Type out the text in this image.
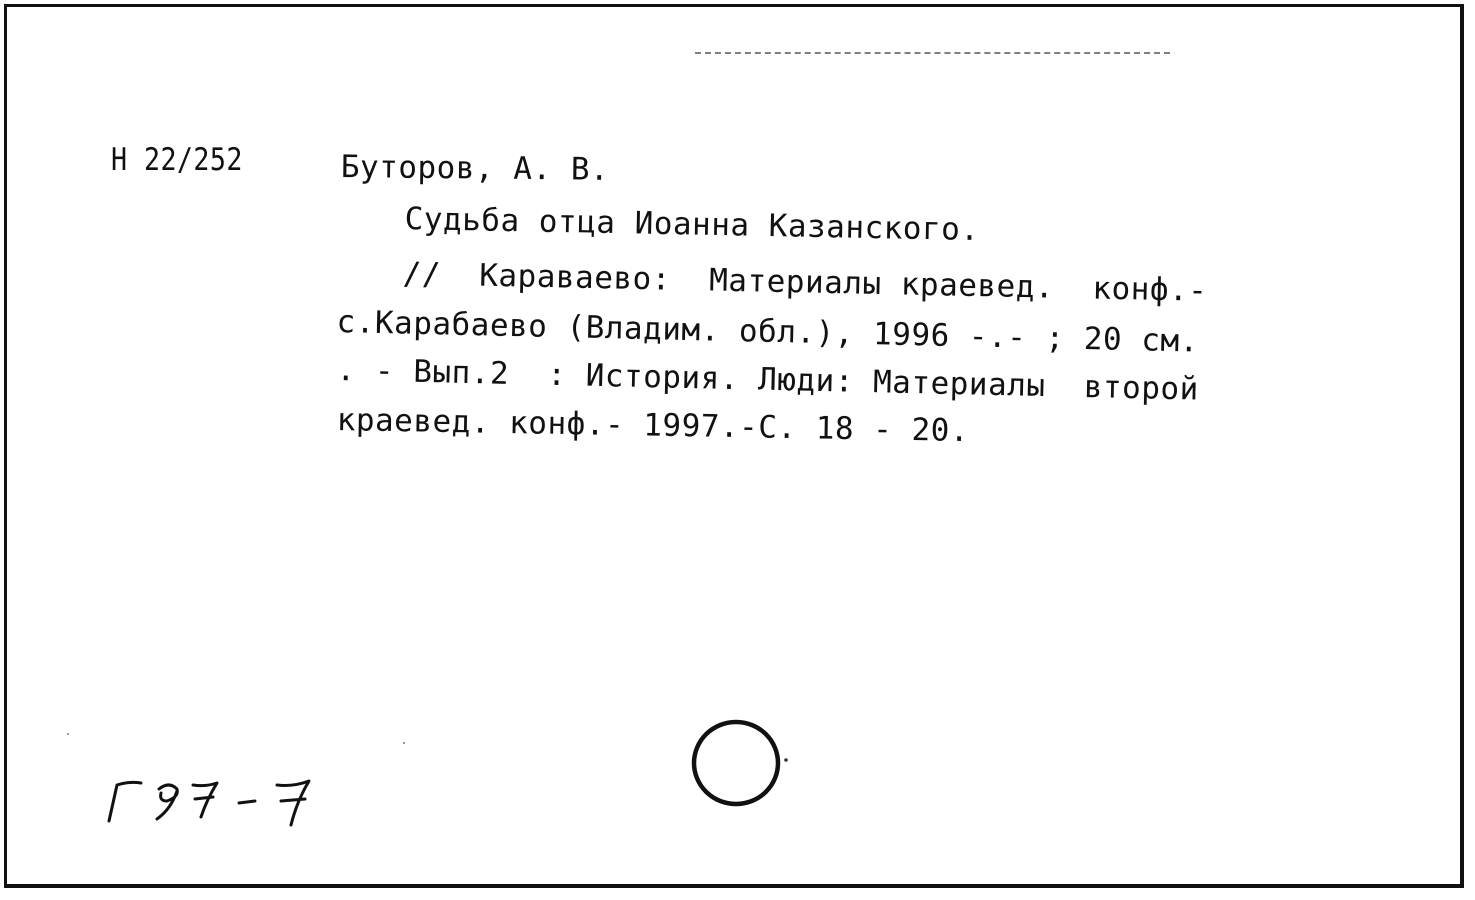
Н 22/252	Буторов, А. В.
Судьба отца Иоанна Казанского.
//  Караваево:  Материалы краевед.  конф.-
с.Карабаево (Владим. обл.), 1996 -.- ; 20 см.
. - Вып.2  : История. Люди: Материалы  второй
краевед. конф.- 1997.-С. 18 - 20.
